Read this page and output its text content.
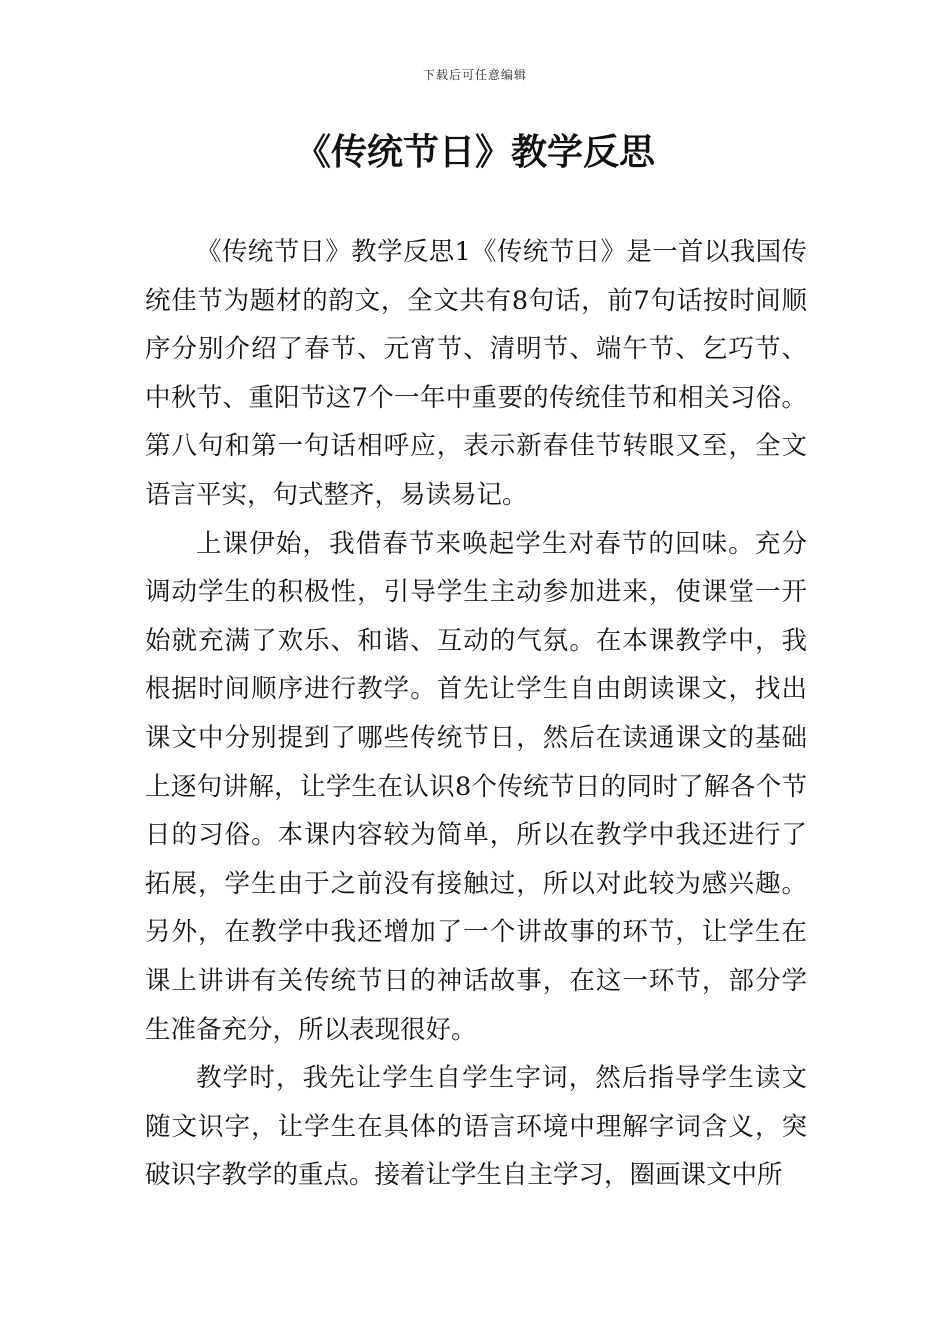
下载后可任意编辑
《传统节日》教学反思

《传统节日》教学反思1《传统节日》是一首以我国传统佳节为题材的韵文，全文共有8句话，前7句话按时间顺序分别介绍了春节、元宵节、清明节、端午节、乞巧节、中秋节、重阳节这7个一年中重要的传统佳节和相关习俗。第八句和第一句话相呼应，表示新春佳节转眼又至，全文语言平实，句式整齐，易读易记。

上课伊始，我借春节来唤起学生对春节的回味。充分调动学生的积极性，引导学生主动参加进来，使课堂一开始就充满了欢乐、和谐、互动的气氛。在本课教学中，我根据时间顺序进行教学。首先让学生自由朗读课文，找出课文中分别提到了哪些传统节日，然后在读通课文的基础上逐句讲解，让学生在认识8个传统节日的同时了解各个节日的习俗。本课内容较为简单，所以在教学中我还进行了拓展，学生由于之前没有接触过，所以对此较为感兴趣。另外，在教学中我还增加了一个讲故事的环节，让学生在课上讲讲有关传统节日的神话故事，在这一环节，部分学生准备充分，所以表现很好。

教学时，我先让学生自学生字词，然后指导学生读文随文识字，让学生在具体的语言环境中理解字词含义，突破识字教学的重点。接着让学生自主学习，圈画课文中所
